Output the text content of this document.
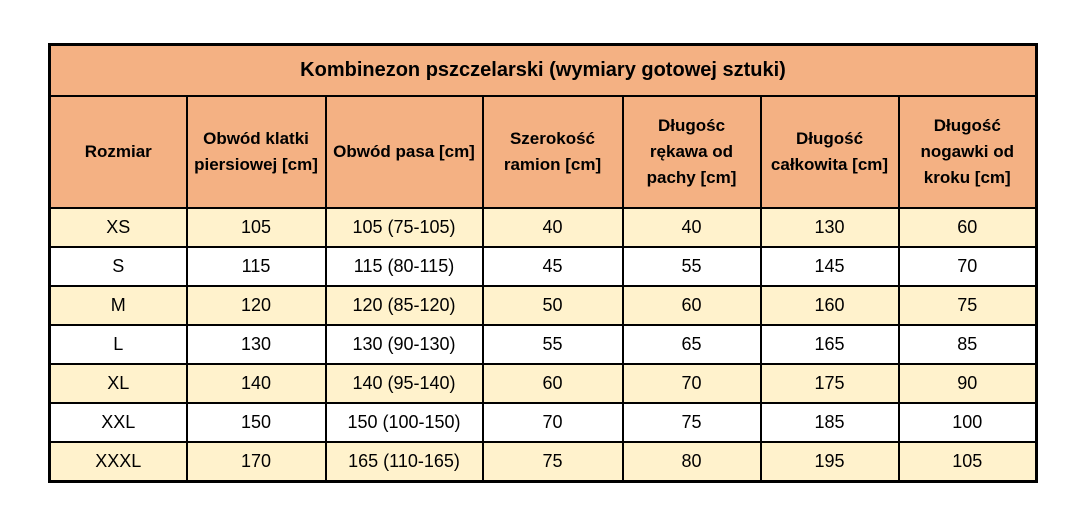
Kombinezon pszczelarski (wymiary gotowej sztuki)						
Rozmiar	Obwód klatki piersiowej [cm]	Obwód pasa [cm]	Szerokość ramion [cm]	Długośc rękawa od pachy [cm]	Długość całkowita [cm]	Długość nogawki od kroku [cm]
XS	105	105 (75-105)	40	40	130	60
S	115	115 (80-115)	45	55	145	70
M	120	120 (85-120)	50	60	160	75
L	130	130 (90-130)	55	65	165	85
XL	140	140 (95-140)	60	70	175	90
XXL	150	150 (100-150)	70	75	185	100
XXXL	170	165 (110-165)	75	80	195	105
